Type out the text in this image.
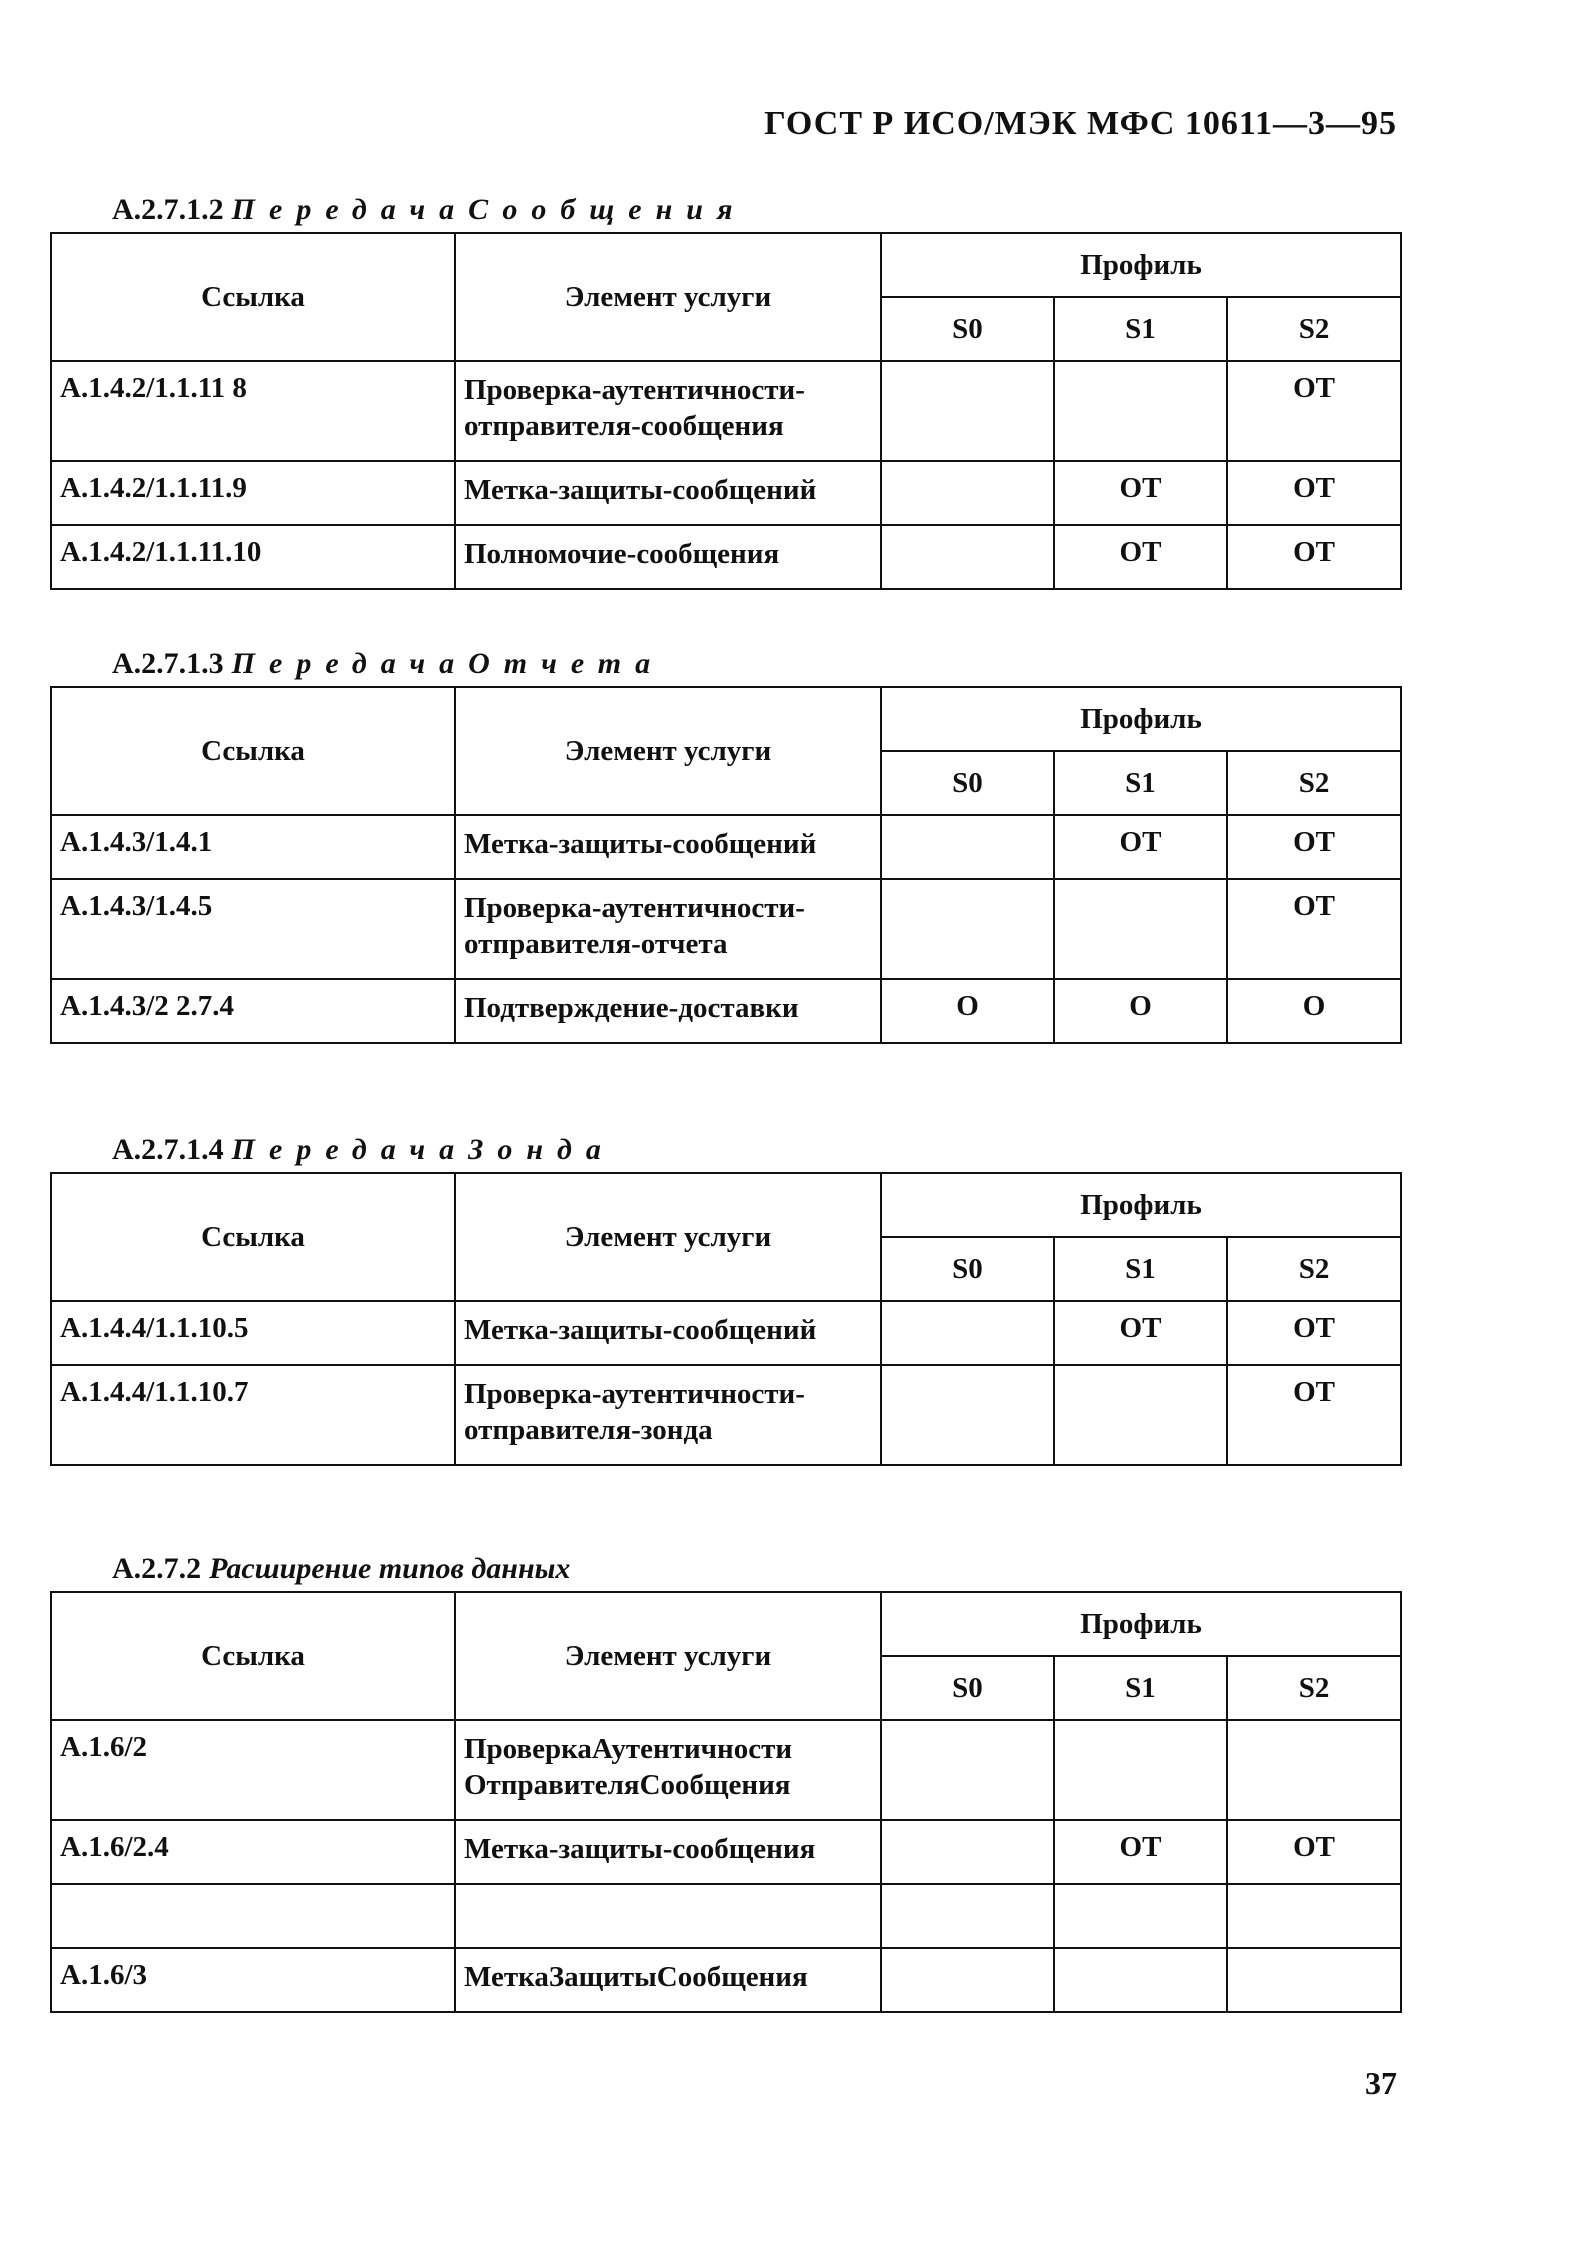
ГОСТ Р ИСО/МЭК МФС 10611—3—95
А.2.7.1.2 ПередачаСообщения
Ссылка	Элемент услуги	Профиль		
		S0	S1	S2
А.1.4.2/1.1.11 8	Проверка-аутентичности-отправителя-сообщения			ОТ
А.1.4.2/1.1.11.9	Метка-защиты-сообщений		ОТ	ОТ
А.1.4.2/1.1.11.10	Полномочие-сообщения		ОТ	ОТ
А.2.7.1.3 ПередачаОтчета
Ссылка	Элемент услуги	Профиль		
		S0	S1	S2
А.1.4.3/1.4.1	Метка-защиты-сообщений		ОТ	ОТ
А.1.4.3/1.4.5	Проверка-аутентичности-отправителя-отчета			ОТ
А.1.4.3/2 2.7.4	Подтверждение-доставки	О	О	О
А.2.7.1.4 ПередачаЗонда
Ссылка	Элемент услуги	Профиль		
		S0	S1	S2
А.1.4.4/1.1.10.5	Метка-защиты-сообщений		ОТ	ОТ
А.1.4.4/1.1.10.7	Проверка-аутентичности-отправителя-зонда			ОТ
А.2.7.2 Расширение типов данных
Ссылка	Элемент услуги	Профиль		
		S0	S1	S2
А.1.6/2	ПроверкаАутентичности ОтправителяСообщения			
А.1.6/2.4	Метка-защиты-сообщения		ОТ	ОТ

А.1.6/3	МеткаЗащитыСообщения			
37
